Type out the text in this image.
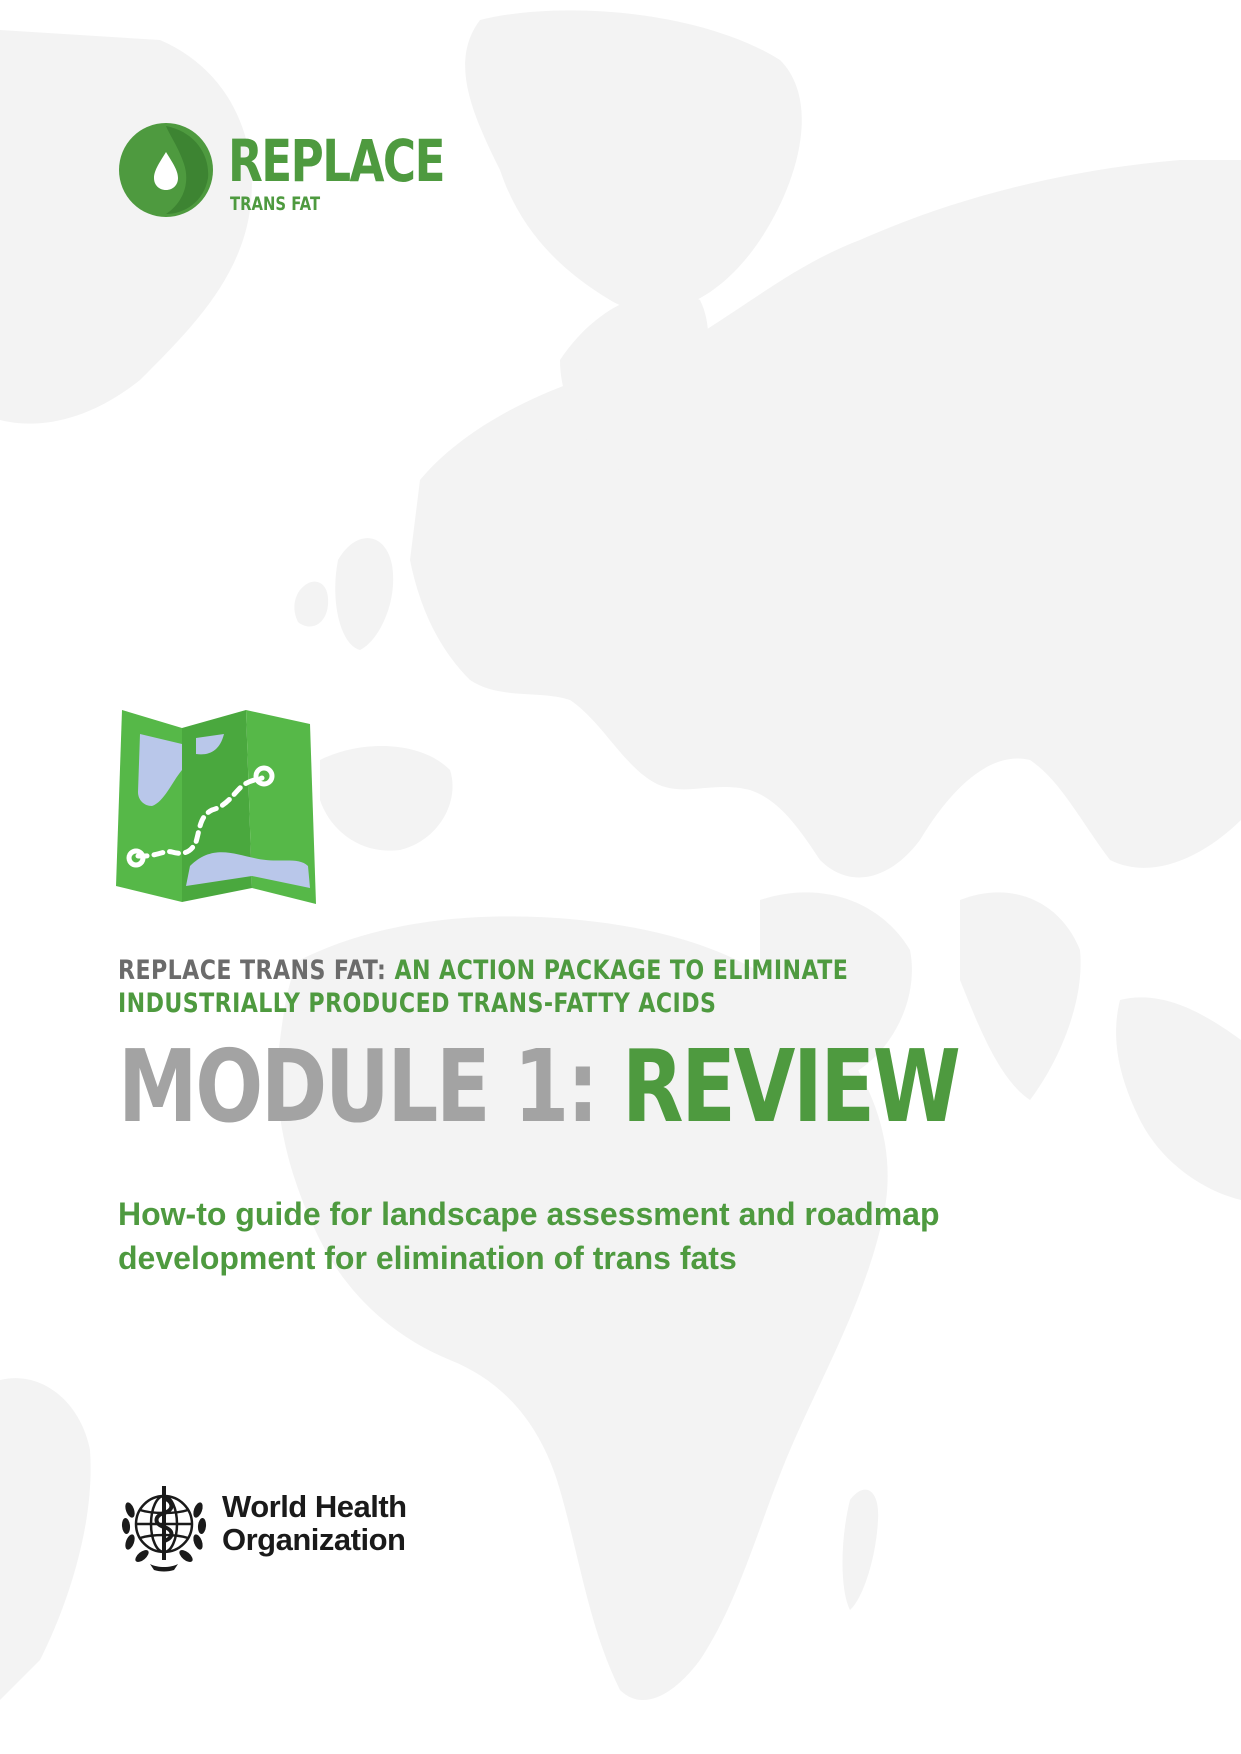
REPLACE
TRANS FAT
REPLACE TRANS FAT: AN ACTION PACKAGE TO ELIMINATE
INDUSTRIALLY PRODUCED TRANS-FATTY ACIDS
MODULE 1: REVIEW
How-to guide for landscape assessment and roadmap
development for elimination of trans fats
World Health
Organization
